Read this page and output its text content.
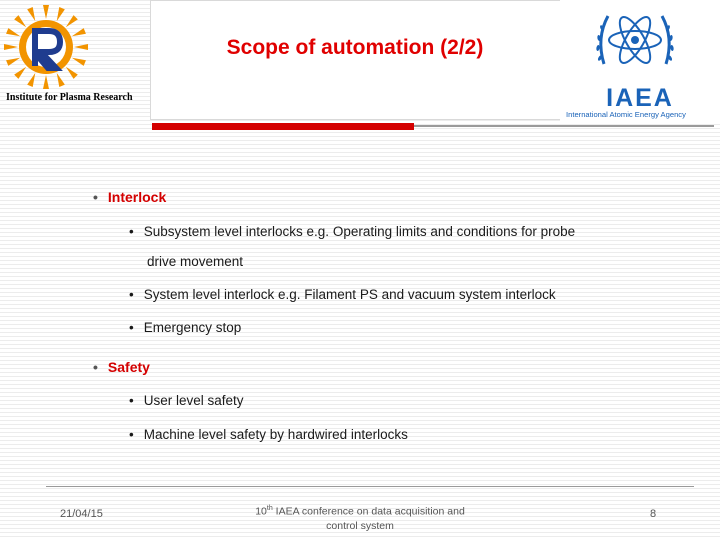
Institute for Plasma Research
Scope of automation (2/2)
IAEA
International Atomic Energy Agency
• Interlock
• Subsystem level interlocks e.g. Operating limits and conditions for probe
drive movement
• System level interlock e.g. Filament PS and vacuum system interlock
• Emergency stop
• Safety
• User level safety
• Machine level safety by hardwired interlocks
21/04/15	10th IAEA conference on data acquisition and
control system
8
